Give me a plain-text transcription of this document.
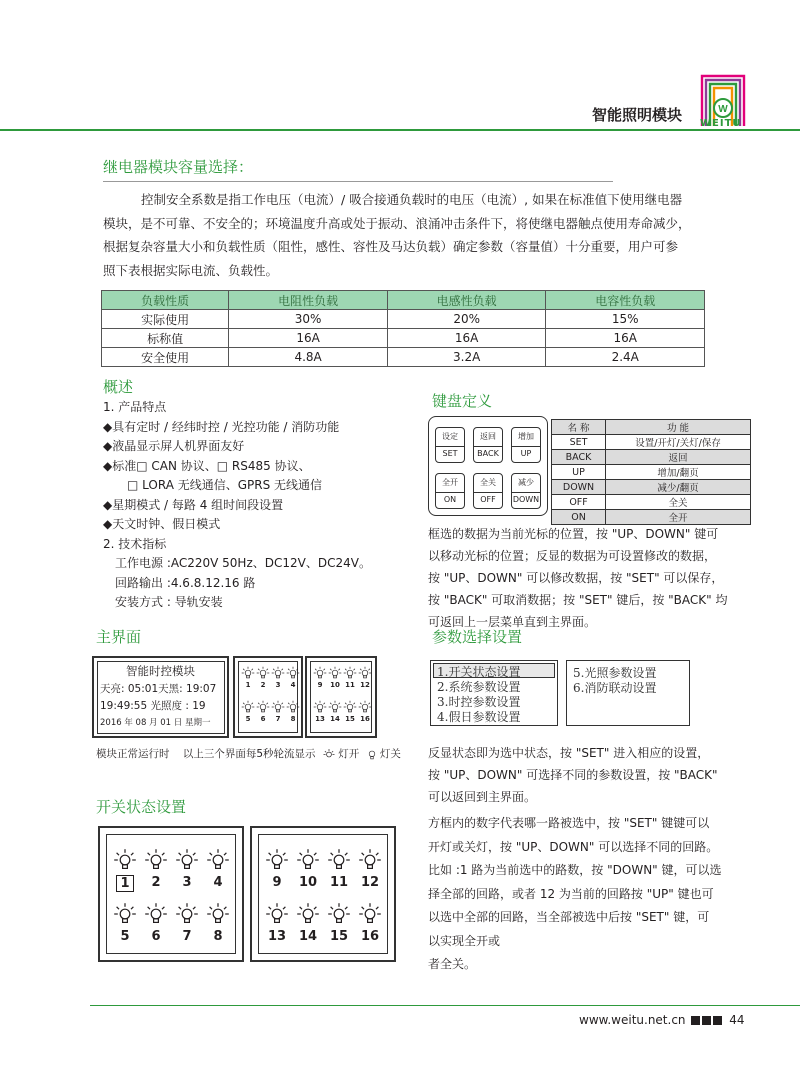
智能照明模块	W
WEITU
继电器模块容量选择：
控制安全系数是指工作电压（电流）/ 吸合接通负载时的电压（电流）, 如果在标准值下使用继电器
模块，是不可靠、不安全的；环境温度升高或处于振动、浪涌冲击条件下，将使继电器触点使用寿命减少，
根据复杂容量大小和负载性质（阻性，感性、容性及马达负载）确定参数（容量值）十分重要，用户可参
照下表根据实际电流、负载性。
负载性质	电阻性负载	电感性负载	电容性负载
实际使用	30%	20%	15%
标称值	16A	16A	16A
安全使用	4.8A	3.2A	2.4A
概述
1. 产品特点
◆具有定时 / 经纬时控 / 光控功能 / 消防功能
◆液晶显示屏人机界面友好
◆标准□ CAN 协议、□ RS485 协议、
　　□ LORA 无线通信、GPRS 无线通信
◆星期模式 / 每路 4 组时间段设置
◆天文时钟、假日模式
2. 技术指标
　工作电源 :AC220V 50Hz、DC12V、DC24V。
　回路输出 :4.6.8.12.16 路
　安装方式 : 导轨安装
键盘定义
设定
SET
返回
BACK
增加
UP
全开
ON
全关
OFF
减少
DOWN
名 称	功 能
SET	设置/开灯/关灯/保存
BACK	返回
UP	增加/翻页
DOWN	减少/翻页
OFF	全关
ON	全开
框选的数据为当前光标的位置，按 "UP、DOWN" 键可
以移动光标的位置；反显的数据为可设置修改的数据，
按 "UP、DOWN" 可以修改数据，按 "SET" 可以保存，
按 "BACK" 可取消数据；按 "SET" 键后，按 "BACK" 均
可返回上一层菜单直到主界面。
主界面
智能时控模块
天亮: 05:01天黑: 19:07
19:49:55 光照度 : 19
2016 年 08 月 01 日 星期一
1	2	3	4
5	6	7	8
9	10 11 12
13 14 15 16
模块正常运行时 以上三个界面每5秒轮流显示 灯开 灯关
参数选择设置
1.开关状态设置
2.系统参数设置
3.时控参数设置
4.假日参数设置
5.光照参数设置
6.消防联动设置
反显状态即为选中状态，按 "SET" 进入相应的设置，
按 "UP、DOWN" 可选择不同的参数设置，按 "BACK"
可以返回到主界面。
开关状态设置
1	2	3	4
5	6	7	8
9	10 11 12
13 14 15 16
方框内的数字代表哪一路被选中，按 "SET" 键键可以
开灯或关灯，按 "UP、DOWN" 可以选择不同的回路。
比如 :1 路为当前选中的路数，按 "DOWN" 键，可以选
择全部的回路，或者 12 为当前的回路按 "UP" 键也可
以选中全部的回路，当全部被选中后按 "SET" 键，可
以实现全开或
者全关。
www.weitu.net.cn	44
